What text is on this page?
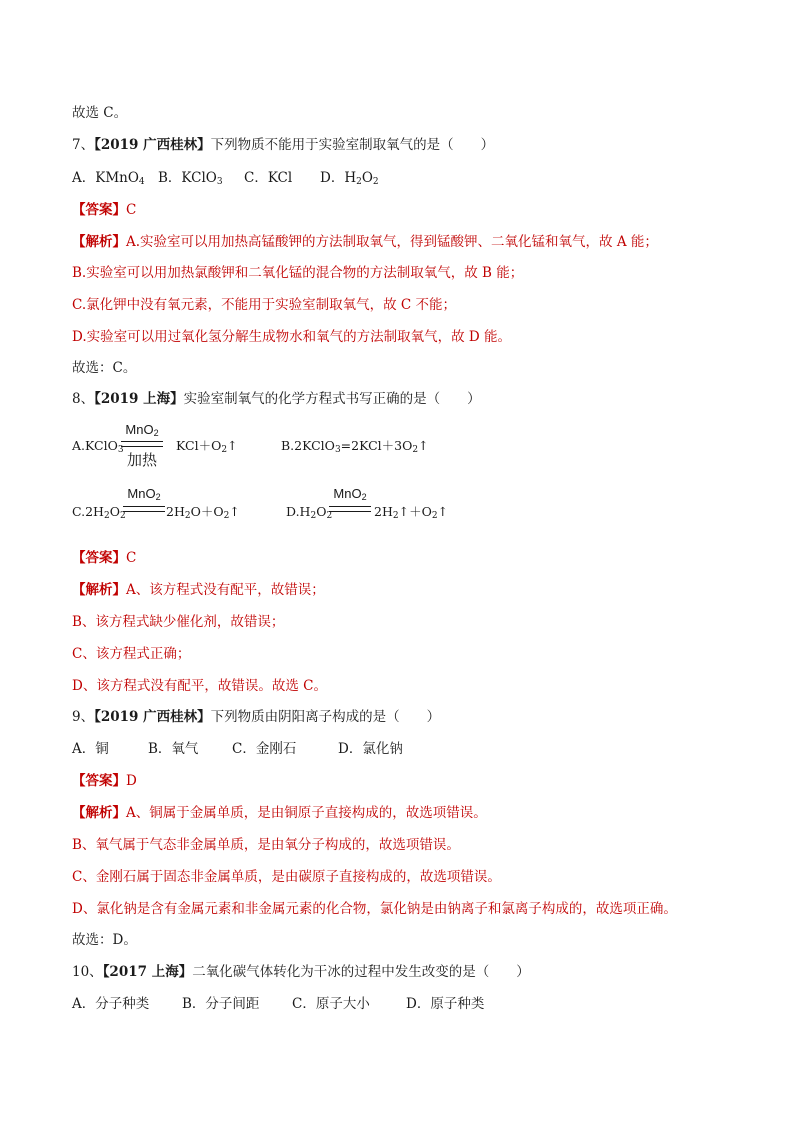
故选 C。
7、【2019 广西桂林】下列物质不能用于实验室制取氧气的是（　　）
A．KMnO$_4$ B．KClO$_3$ C．KCl D．$H_2O_2$
【答案】C
【解析】A.实验室可以用加热高锰酸钾的方法制取氧气，得到锰酸钾、二氧化锰和氧气，故 A 能；
B.实验室可以用加热氯酸钾和二氧化锰的混合物的方法制取氧气，故 B 能；
C.氯化钾中没有氧元素，不能用于实验室制取氧气，故 C 不能；
D.实验室可以用过氧化氢分解生成物水和氧气的方法制取氧气，故 D 能。
故选：C。
8、【2019 上海】实验室制氧气的化学方程式书写正确的是（　　）
A.KClO$_3$
MnO$_2$
加热
$KCl+O_2↑$	$B.2KClO_3=2KCl+3O_2↑$
$C.2H_2O_2$
MnO$_2$
$2H_2O+O_2↑$	$D.H_2O_2$
MnO$_2$
$2H_2↑+O_2↑$
【答案】C
【解析】A、该方程式没有配平，故错误；
B、该方程式缺少催化剂，故错误；
C、该方程式正确；
D、该方程式没有配平，故错误。故选 C。
9、【2019 广西桂林】下列物质由阴阳离子构成的是（　　）
A．铜	B．氧气 C．金刚石	D．氯化钠
【答案】D
【解析】A、铜属于金属单质，是由铜原子直接构成的，故选项错误。
B、氧气属于气态非金属单质，是由氧分子构成的，故选项错误。
C、金刚石属于固态非金属单质，是由碳原子直接构成的，故选项错误。
D、氯化钠是含有金属元素和非金属元素的化合物，氯化钠是由钠离子和氯离子构成的，故选项正确。
故选：D。
10、【2017 上海】二氧化碳气体转化为干冰的过程中发生改变的是（　　）
A．分子种类 B．分子间距 C．原子大小	D．原子种类
